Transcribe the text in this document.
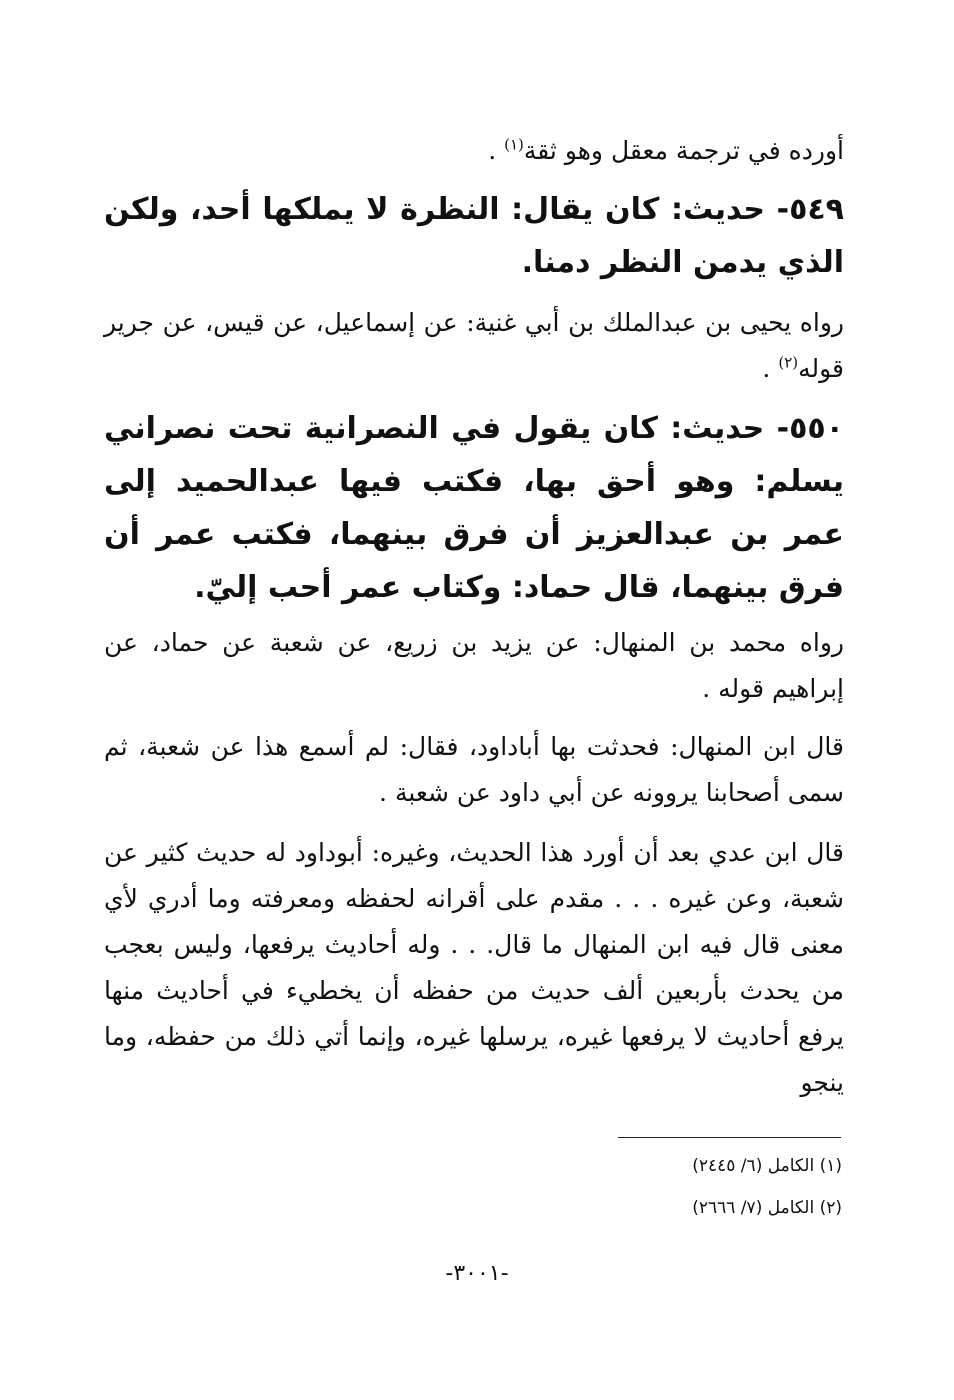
أورده في ترجمة معقل وهو ثقة$^{(١)}$ .
٥٤٩- حديث: كان يقال: النظرة لا يملكها أحد، ولكن الذي يدمن النظر دمنا.
رواه يحيى بن عبدالملك بن أبي غنية: عن إسماعيل، عن قيس، عن جرير قوله$^{(٢)}$ .
٥٥٠- حديث: كان يقول في النصرانية تحت نصراني يسلم: وهو أحق بها، فكتب فيها عبدالحميد إلى عمر بن عبدالعزيز أن فرق بينهما، فكتب عمر أن فرق بينهما، قال حماد: وكتاب عمر أحب إليّ.
رواه محمد بن المنهال: عن يزيد بن زريع، عن شعبة عن حماد، عن إبراهيم قوله .
قال ابن المنهال: فحدثت بها أباداود، فقال: لم أسمع هذا عن شعبة، ثم سمى أصحابنا يروونه عن أبي داود عن شعبة .
قال ابن عدي بعد أن أورد هذا الحديث، وغيره: أبوداود له حديث كثير عن شعبة، وعن غيره . . . مقدم على أقرانه لحفظه ومعرفته وما أدري لأي معنى قال فيه ابن المنهال ما قال. . . وله أحاديث يرفعها، وليس بعجب من يحدث بأربعين ألف حديث من حفظه أن يخطيء في أحاديث منها يرفع أحاديث لا يرفعها غيره، يرسلها غيره، وإنما أتي ذلك من حفظه، وما ينجو
(١) الكامل (٦/ ٢٤٤٥)
(٢) الكامل (٧/ ٢٦٦٦)
-٣٠٠١-
